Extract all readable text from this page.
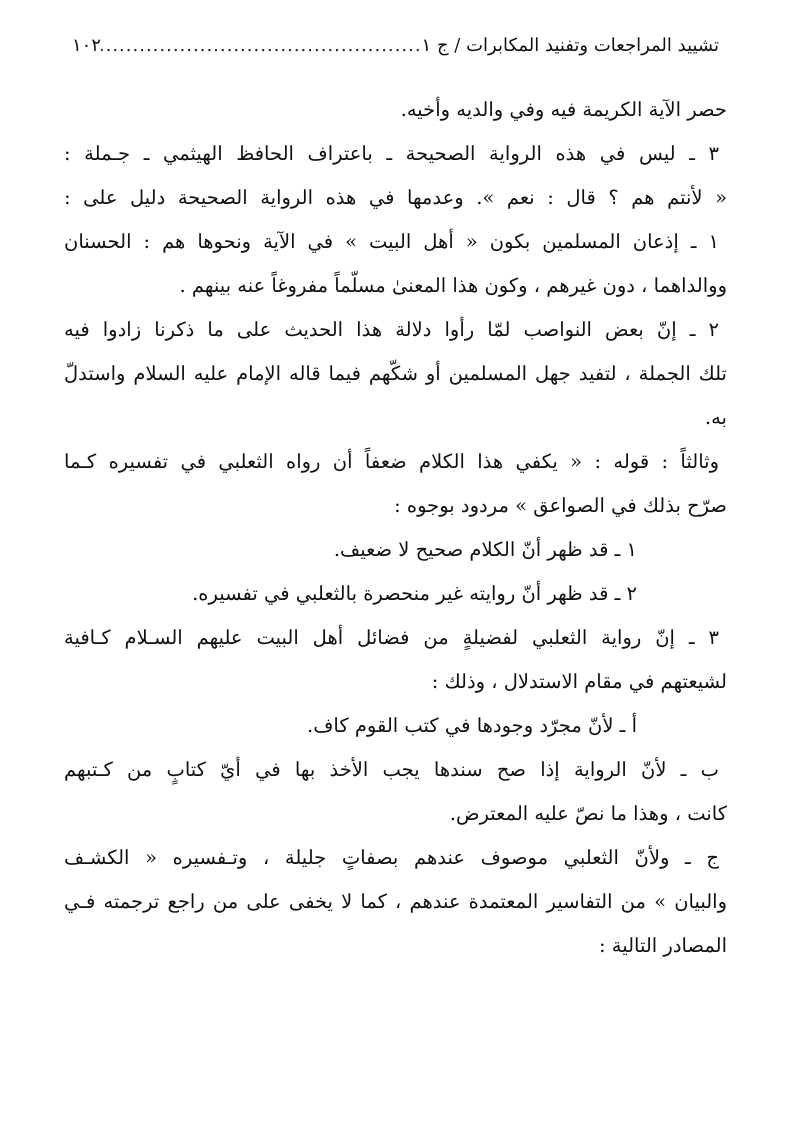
تشييد المراجعات وتفنيد المكابرات / ج ١
.....
١٠٢
حصر الآية الكريمة فيه وفي والديه وأخيه.
٣ ـ ليس في هذه الرواية الصحيحة ـ باعتراف الحافظ الهيثمي ـ جـملة :
« لأنتم هم ؟ قال : نعم ». وعدمها في هذه الرواية الصحيحة دليل على :
١ ـ إذعان المسلمين بكون « أهل البيت » في الآية ونحوها هم : الحسنان
ووالداهما ، دون غيرهم ، وكون هذا المعنىٰ مسلّماً مفروغاً عنه بينهم .
٢ ـ إنّ بعض النواصب لمّا رأوا دلالة هذا الحديث على ما ذكرنا زادوا فيه
تلك الجملة ، لتفيد جهل المسلمين أو شكّهم فيما قاله الإمام عليه السلام واستدلّ
به.
وثالثاً : قوله : « يكفي هذا الكلام ضعفاً أن رواه الثعلبي في تفسيره كـما
صرّح بذلك في الصواعق » مردود بوجوه :
١ ـ قد ظهر أنّ الكلام صحيح لا ضعيف.
٢ ـ قد ظهر أنّ روايته غير منحصرة بالثعلبي في تفسيره.
٣ ـ إنّ رواية الثعلبي لفضيلةٍ من فضائل أهل البيت عليهم السـلام كـافية
لشيعتهم في مقام الاستدلال ، وذلك :
أ ـ لأنّ مجرّد وجودها في كتب القوم كاف.
ب ـ لأنّ الرواية إذا صح سندها يجب الأخذ بها في أيّ كتابٍ من كـتبهم
كانت ، وهذا ما نصّ عليه المعترض.
ج ـ ولأنّ الثعلبي موصوف عندهم بصفاتٍ جليلة ، وتـفسيره « الكشـف
والبيان » من التفاسير المعتمدة عندهم ، كما لا يخفى على من راجع ترجمته فـي
المصادر التالية :
